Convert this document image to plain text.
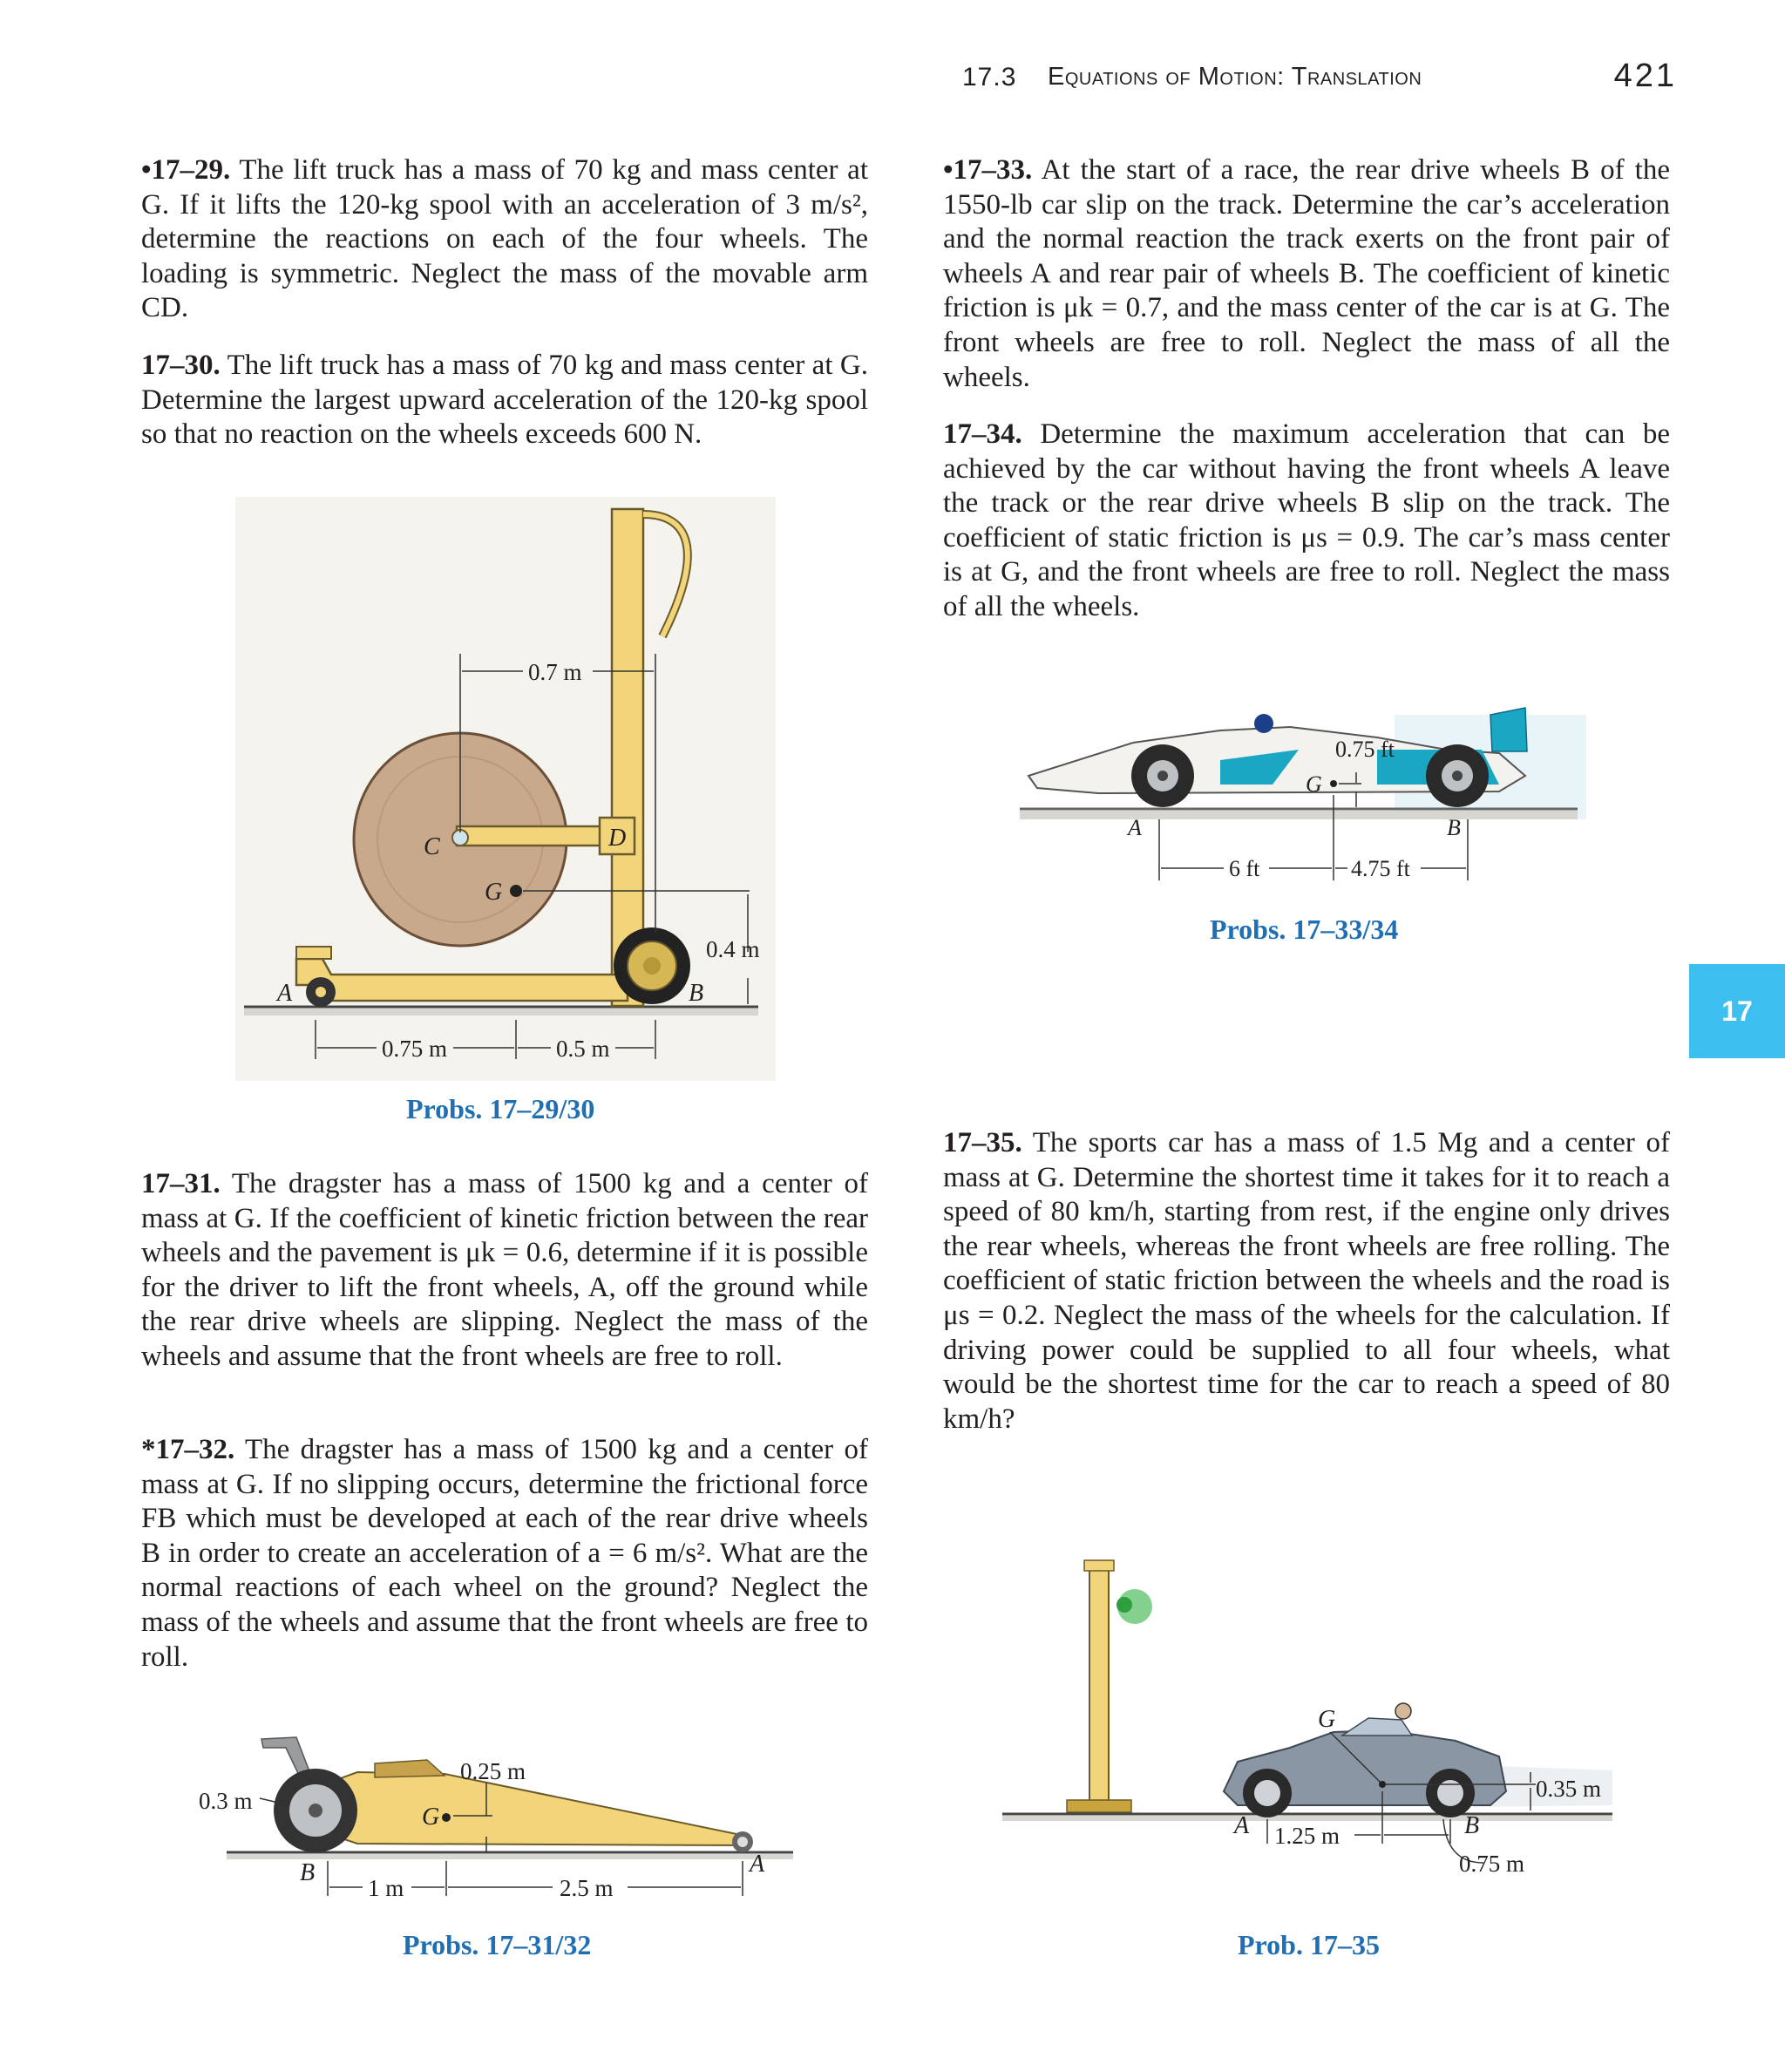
17.3 Equations of Motion: Translation	421

•17–29. The lift truck has a mass of 70 kg and mass center at G. If it lifts the 120-kg spool with an acceleration of 3 m/s², determine the reactions on each of the four wheels. The loading is symmetric. Neglect the mass of the movable arm CD.

17–30. The lift truck has a mass of 70 kg and mass center at G. Determine the largest upward acceleration of the 120-kg spool so that no reaction on the wheels exceeds 600 N.

G
C	D
A	B
0.7 m
0.4 m
0.75 m	0.5 m
Probs. 17–29/30

17–31. The dragster has a mass of 1500 kg and a center of mass at G. If the coefficient of kinetic friction between the rear wheels and the pavement is μk = 0.6, determine if it is possible for the driver to lift the front wheels, A, off the ground while the rear drive wheels are slipping. Neglect the mass of the wheels and assume that the front wheels are free to roll.

*17–32. The dragster has a mass of 1500 kg and a center of mass at G. If no slipping occurs, determine the frictional force FB which must be developed at each of the rear drive wheels B in order to create an acceleration of a = 6 m/s². What are the normal reactions of each wheel on the ground? Neglect the mass of the wheels and assume that the front wheels are free to roll.

G
0.25 m
0.3 m
B	A
1 m	2.5 m
Probs. 17–31/32

•17–33. At the start of a race, the rear drive wheels B of the 1550-lb car slip on the track. Determine the car’s acceleration and the normal reaction the track exerts on the front pair of wheels A and rear pair of wheels B. The coefficient of kinetic friction is μk = 0.7, and the mass center of the car is at G. The front wheels are free to roll. Neglect the mass of all the wheels.

17–34. Determine the maximum acceleration that can be achieved by the car without having the front wheels A leave the track or the rear drive wheels B slip on the track. The coefficient of static friction is μs = 0.9. The car’s mass center is at G, and the front wheels are free to roll. Neglect the mass of all the wheels.

G
0.75 ft
A	B
6 ft	4.75 ft
Probs. 17–33/34
17

17–35. The sports car has a mass of 1.5 Mg and a center of mass at G. Determine the shortest time it takes for it to reach a speed of 80 km/h, starting from rest, if the engine only drives the rear wheels, whereas the front wheels are free rolling. The coefficient of static friction between the wheels and the road is μs = 0.2. Neglect the mass of the wheels for the calculation. If driving power could be supplied to all four wheels, what would be the shortest time for the car to reach a speed of 80 km/h?

G
0.35 m
A	B
1.25 m
0.75 m
Prob. 17–35
